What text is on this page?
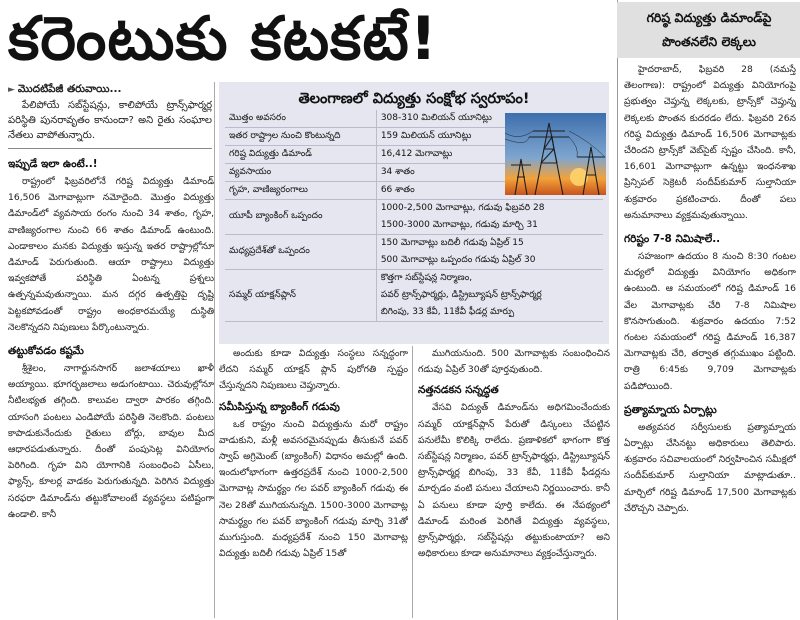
కరెంటుకు కటకటే!
► మొదటిపేజీ తరువాయి...

పేలిపోయే సబ్‌స్టేషన్లు, కాలిపోయే ట్రాన్స్‌ఫార్మర్ల పరిస్థితి పునరావృతం కానుందా? అని రైతు సంఘాల నేతలు వాపోతున్నారు.

ఇప్పుడే ఇలా ఉంటే..!

రాష్ట్రంలో ఫిబ్రవరిలోనే గరిష్ట విద్యుత్తు డిమాండ్ 16,506 మెగావాట్లుగా నమోదైంది. మొత్తం విద్యుత్తు డిమాండ్‌లో వ్యవసాయ రంగం నుంచి 34 శాతం, గృహ, వాణిజ్యరంగాల నుంచి 66 శాతం డిమాండ్ ఉంటుంది. ఎండాకాలం మనకు విద్యుత్తు ఇస్తున్న ఇతర రాష్ట్రాల్లోనూ డిమాండ్ పెరుగుతుంది. ఆయా రాష్ట్రాలు విద్యుత్తు ఇవ్వకపోతే పరిస్థితి ఏంటన్న ప్రశ్నలు ఉత్పన్నమవుతున్నాయి. మన దగ్గర ఉత్పత్తిపై దృష్టి పెట్టకపోవడంతో రాష్ట్రం అంధకారమయ్యే దుస్థితి నెలకొన్నదని నిపుణులు పేర్కొంటున్నారు.

తట్టుకోవడం కష్టమే

శ్రీశైలం, నాగార్జునసాగర్ జలాశయాలు ఖాళీ అయ్యాయి. భూగర్భజలాలు అడుగంటాయి. చెరువుల్లోనూ నీటిలభ్యత తగ్గింది. కాలువల ద్వారా పారకం తగ్గింది. యాసంగి పంటలు ఎండిపోయే పరిస్థితి నెలకొంది. పంటలు కాపాడుకునేందుకు రైతులు బోర్లు, బావుల మీద ఆధారపడుతున్నారు. దీంతో పంపుసెట్ల వినియోగం పెరిగింది. గృహ విని యోగానికి సంబంధించి ఏసీలు, ఫ్యాన్స్, కూలర్ల వాడకం పెరుగుతున్నది. పెరిగిన విద్యుత్తు సరఫరా డిమాండ్‌ను తట్టుకోవాలంటే వ్యవస్థలు పటిష్టంగా ఉండాలి. కానీ

తెలంగాణలో విద్యుత్తు సంక్షోభ స్వరూపం!
మొత్తం అవసరం	308-310 మిలియన్ యూనిట్లు
ఇతర రాష్ట్రాల నుంచి కొంటున్నది	159 మిలియన్ యూనిట్లు
గరిష్ట విద్యుత్తు డిమాండ్	16,412 మెగావాట్లు
వ్యవసాయం	34 శాతం
గృహ, వాణిజ్యరంగాలు	66 శాతం
యూపీ బ్యాంకింగ్ ఒప్పందం	1000-2,500 మెగావాట్లు, గడువు ఫిబ్రవరి 28
1500-3000 మెగావాట్లు, గడువు మార్చి 31
మధ్యప్రదేశ్‌తో ఒప్పందం	150 మెగావాట్లు బదిలీ గడువు ఏప్రిల్ 15
500 మెగావాట్లు ఒప్పందం గడువు ఏప్రిల్ 30
సమ్మర్ యాక్షన్‌ప్లాన్	కొత్తగా సబ్‌స్టేషన్ల నిర్మాణం,
పవర్ ట్రాన్స్‌ఫార్మర్లు, డిస్ట్రిబ్యూషన్ ట్రాన్స్‌ఫార్మర్ల
బిగింపు, 33 కేవీ, 11కేవీ ఫీడర్ల మార్పు

అందుకు కూడా విద్యుత్తు సంస్థలు సన్నద్ధంగా లేదని సమ్మర్ యాక్షన్ ప్లాన్ పురోగతి స్పష్టం చేస్తున్నదని నిపుణులు చెప్తున్నారు.

సమీపిస్తున్న బ్యాంకింగ్ గడువు

ఒక రాష్ట్రం నుంచి విద్యుత్తును మరో రాష్ట్రం వాడుకుని, మళ్లీ అవసరమైనప్పుడు తీసుకునే పవర్ స్వాప్ అగ్రిమెంట్ (బ్యాంకింగ్) విధానం అమల్లో ఉంది. ఇందులోభాగంగా ఉత్తరప్రదేశ్ నుంచి 1000-2,500 మెగావాట్ల సామర్థ్యం గల పవర్ బ్యాంకింగ్ గడువు ఈ నెల 28తో ముగియనున్నది. 1500-3000 మెగావాట్ల సామర్థ్యం గల పవర్ బ్యాంకింగ్ గడువు మార్చి 31తో ముగుస్తుంది. మధ్యప్రదేశ్ నుంచి 150 మెగావాట్ల విద్యుత్తు బదిలీ గడువు ఏప్రిల్ 15తో

ముగియనుంది. 500 మెగావాట్లకు సంబంధించిన గడువు ఏప్రిల్ 30తో పూర్తవుతుంది.

నత్తనడకన సన్నద్ధత

వేసవి విద్యుత్ డిమాండ్‌ను అధిగమించేందుకు సమ్మర్ యాక్షన్‌ప్లాన్ పేరుతో డిస్కంలు చేపట్టిన పనులేమీ కొలిక్కి రాలేదు. ప్రణాళికలో భాగంగా కొత్త సబ్‌స్టేషన్ల నిర్మాణం, పవర్ ట్రాన్స్‌ఫార్మర్లు, డిస్ట్రిబ్యూషన్ ట్రాన్స్‌ఫార్మర్ల బిగింపు, 33 కేవీ, 11కేవీ ఫీడర్లను మార్చడం వంటి పనులు చేయాలని నిర్ణయించారు. కానీ ఏ పనులు కూడా పూర్తి కాలేదు. ఈ నేపథ్యంలో డిమాండ్ మరింత పెరిగితే విద్యుత్తు వ్యవస్థలు, ట్రాన్స్‌ఫార్మర్లు, సబ్‌స్టేషన్లు తట్టుకుంటాయా? అని అధికారులు కూడా అనుమానాలు వ్యక్తంచేస్తున్నారు.

గరిష్ఠ విద్యుత్తు డిమాండ్‌పై పొంతనలేని లెక్కలు

హైదరాబాద్, ఫిబ్రవరి 28 (నమస్తే తెలంగాణ): రాష్ట్రంలో విద్యుత్తు వినియోగంపై ప్రభుత్వం చెప్తున్న లెక్కలకు, ట్రాన్స్‌కో చెప్తున్న లెక్కలకు పొంతన కుదరడం లేదు. ఫిబ్రవరి 26న గరిష్ఠ విద్యుత్తు డిమాండ్ 16,506 మెగావాట్లకు చేరిందని ట్రాన్స్‌కో వెబ్‌సైట్ స్పష్టం చేసింది. కానీ, 16,601 మెగావాట్లుగా ఉన్నట్టు ఇంధనశాఖ ప్రిన్సిపల్ సెక్రెటరీ సందీప్‌కుమార్ సుల్తానియా శుక్రవారం ప్రకటించారు. దీంతో పలు అనుమానాలు వ్యక్తమవుతున్నాయి.

గరిష్టం 7-8 నిమిషాలే..

సహజంగా ఉదయం 8 నుంచి 8:30 గంటల మధ్యలో విద్యుత్తు వినియోగం అధికంగా ఉంటుంది. ఆ సమయంలో గరిష్ట డిమాండ్ 16 వేల మెగావాట్లకు చేరి 7-8 నిమిషాల కొనసాగుతుంది. శుక్రవారం ఉదయం 7:52 గంటల సమయంలో గరిష్ట డిమాండ్ 16,387 మెగావాట్లకు చేరి, తర్వాత తగ్గుముఖం పట్టింది. రాత్రి 6:45కు 9,709 మెగావాట్లకు పడిపోయింది.

ప్రత్యామ్నాయ ఏర్పాట్లు

అత్యవసర సర్వీసులకు ప్రత్యామ్నాయ ఏర్పాట్లు చేసినట్టు అధికారులు తెలిపారు. శుక్రవారం సచివాలయంలో నిర్వహించిన సమీక్షలో సందీప్‌కుమార్ సుల్తానియా మాట్లాడుతూ.. మార్చిలో గరిష్ట డిమాండ్ 17,500 మెగావాట్లకు చేరొచ్చని చెప్పారు.
